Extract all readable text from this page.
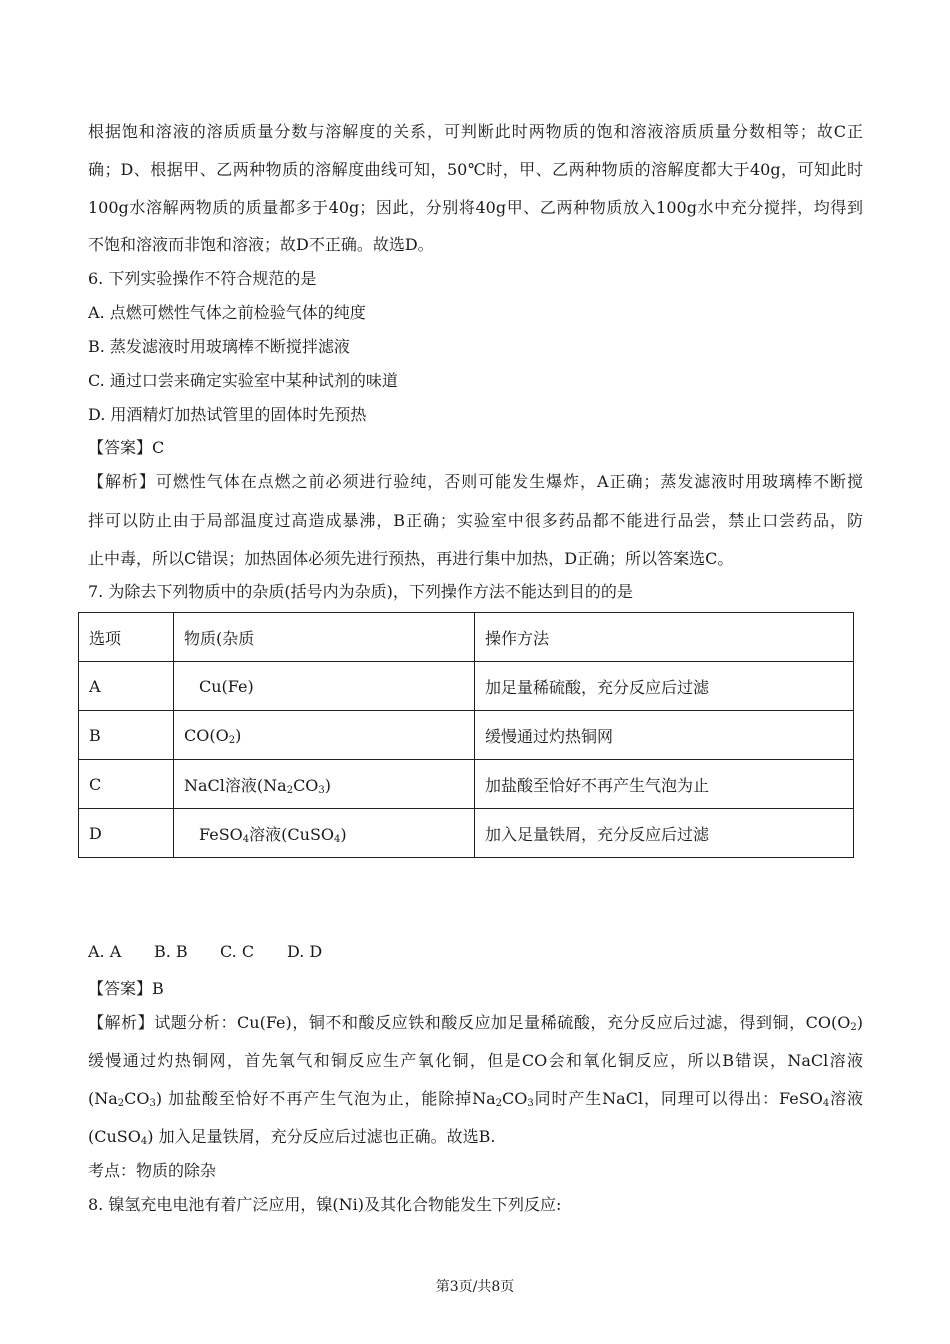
根据饱和溶液的溶质质量分数与溶解度的关系，可判断此时两物质的饱和溶液溶质质量分数相等；故C正
确；D、根据甲、乙两种物质的溶解度曲线可知，50℃时，甲、乙两种物质的溶解度都大于40g，可知此时
100g水溶解两物质的质量都多于40g；因此，分别将40g甲、乙两种物质放入100g水中充分搅拌，均得到
不饱和溶液而非饱和溶液；故D不正确。故选D。
6. 下列实验操作不符合规范的是
A. 点燃可燃性气体之前检验气体的纯度
B. 蒸发滤液时用玻璃棒不断搅拌滤液
C. 通过口尝来确定实验室中某种试剂的味道
D. 用酒精灯加热试管里的固体时先预热
【答案】C
【解析】可燃性气体在点燃之前必须进行验纯，否则可能发生爆炸，A正确；蒸发滤液时用玻璃棒不断搅
拌可以防止由于局部温度过高造成暴沸，B正确；实验室中很多药品都不能进行品尝，禁止口尝药品，防
止中毒，所以C错误；加热固体必须先进行预热，再进行集中加热，D正确；所以答案选C。
7. 为除去下列物质中的杂质(括号内为杂质)，下列操作方法不能达到目的的是
选项	物质(杂质	操作方法
A	Cu(Fe)	加足量稀硫酸，充分反应后过滤
B	$CO(O_2)$	缓慢通过灼热铜网
C	NaCl溶液$(Na_2CO_3)$	加盐酸至恰好不再产生气泡为止
D	FeSO$_4$溶液(CuSO$_4$)	加入足量铁屑，充分反应后过滤
A. A B. B C. C D. D
【答案】B
【解析】试题分析：Cu(Fe)，铜不和酸反应铁和酸反应加足量稀硫酸，充分反应后过滤，得到铜，$CO(O_2)$
缓慢通过灼热铜网，首先氧气和铜反应生产氧化铜，但是CO会和氧化铜反应，所以B错误，NaCl溶液
$(Na_2CO_3)$ 加盐酸至恰好不再产生气泡为止，能除掉$Na_2CO_3$同时产生NaCl，同理可以得出：FeSO$_4$溶液
(CuSO$_4$) 加入足量铁屑，充分反应后过滤也正确。故选B.
考点：物质的除杂
8. 镍氢充电电池有着广泛应用，镍(Ni)及其化合物能发生下列反应:
第3页/共8页
